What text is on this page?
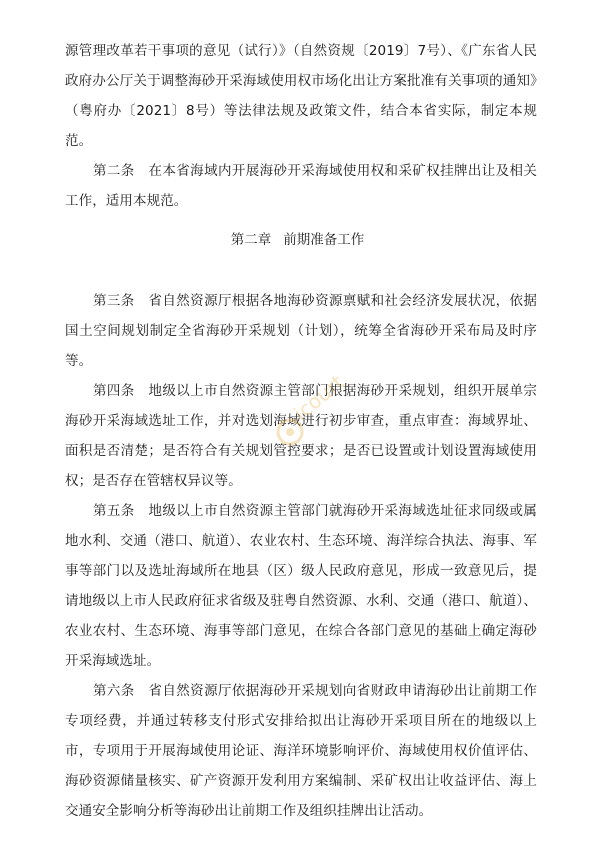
源管理改革若干事项的意见（试行）》（自然资规〔2019〕7号）、《广东省人民政府办公厅关于调整海砂开采海域使用权市场化出让方案批准有关事项的通知》（粤府办〔2021〕8号）等法律法规及政策文件，结合本省实际，制定本规范。

第二条　在本省海域内开展海砂开采海域使用权和采矿权挂牌出让及相关工作，适用本规范。

第二章 前期准备工作

第三条　省自然资源厅根据各地海砂资源禀赋和社会经济发展状况，依据国土空间规划制定全省海砂开采规划（计划），统筹全省海砂开采布局及时序等。

第四条　地级以上市自然资源主管部门根据海砂开采规划，组织开展单宗海砂开采海域选址工作，并对选划海域进行初步审查，重点审查：海域界址、面积是否清楚；是否符合有关规划管控要求；是否已设置或计划设置海域使用权；是否存在管辖权异议等。

第五条　地级以上市自然资源主管部门就海砂开采海域选址征求同级或属地水利、交通（港口、航道）、农业农村、生态环境、海洋综合执法、海事、军事等部门以及选址海域所在地县（区）级人民政府意见，形成一致意见后，提请地级以上市人民政府征求省级及驻粤自然资源、水利、交通（港口、航道）、农业农村、生态环境、海事等部门意见，在综合各部门意见的基础上确定海砂开采海域选址。

第六条　省自然资源厅依据海砂开采规划向省财政申请海砂出让前期工作专项经费，并通过转移支付形式安排给拟出让海砂开采项目所在的地级以上市，专项用于开展海域使用论证、海洋环境影响评价、海域使用权价值评估、海砂资源储量核实、矿产资源开发利用方案编制、采矿权出让收益评估、海上交通安全影响分析等海砂出让前期工作及组织挂牌出让活动。

icourt
